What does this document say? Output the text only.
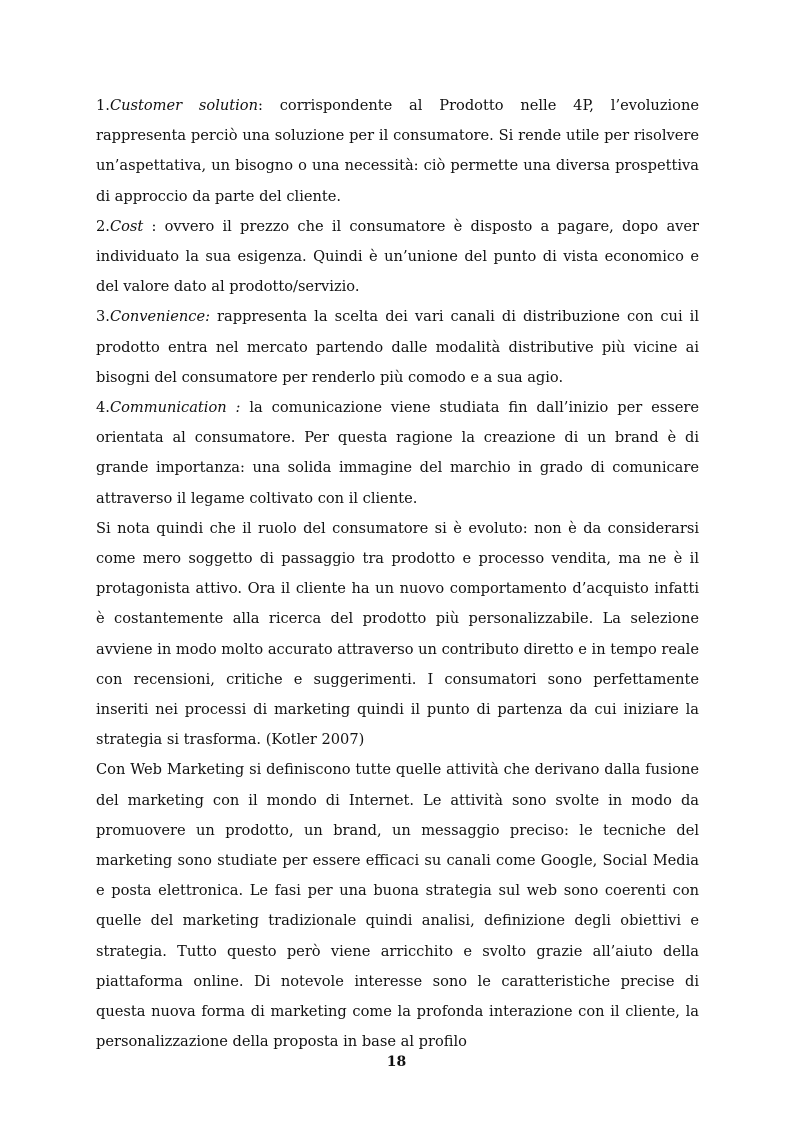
1.Customer solution: corrispondente al Prodotto nelle 4P, l’evoluzione rappresenta perciò una soluzione per il consumatore. Si rende utile per risolvere un’aspettativa, un bisogno o una necessità: ciò permette una diversa prospettiva di approccio da parte del cliente.

2.Cost : ovvero il prezzo che il consumatore è disposto a pagare, dopo aver individuato la sua esigenza. Quindi è un’unione del punto di vista economico e del valore dato al prodotto/servizio.

3.Convenience: rappresenta la scelta dei vari canali di distribuzione con cui il prodotto entra nel mercato partendo dalle modalità distributive più vicine ai bisogni del consumatore per renderlo più comodo e a sua agio.

4.Communication : la comunicazione viene studiata fin dall’inizio per essere orientata al consumatore. Per questa ragione la creazione di un brand è di grande importanza: una solida immagine del marchio in grado di comunicare attraverso il legame coltivato con il cliente.

Si nota quindi che il ruolo del consumatore si è evoluto: non è da considerarsi come mero soggetto di passaggio tra prodotto e processo vendita, ma ne è il protagonista attivo. Ora il cliente ha un nuovo comportamento d’acquisto infatti è costantemente alla ricerca del prodotto più personalizzabile. La selezione avviene in modo molto accurato attraverso un contributo diretto e in tempo reale con recensioni, critiche e suggerimenti. I consumatori sono perfettamente inseriti nei processi di marketing quindi il punto di partenza da cui iniziare la strategia si trasforma. (Kotler 2007)

Con Web Marketing si definiscono tutte quelle attività che derivano dalla fusione del marketing con il mondo di Internet. Le attività sono svolte in modo da promuovere un prodotto, un brand, un messaggio preciso: le tecniche del marketing sono studiate per essere efficaci su canali come Google, Social Media e posta elettronica. Le fasi per una buona strategia sul web sono coerenti con quelle del marketing tradizionale quindi analisi, definizione degli obiettivi e strategia. Tutto questo però viene arricchito e svolto grazie all’aiuto della piattaforma online. Di notevole interesse sono le caratteristiche precise di questa nuova forma di marketing come la profonda interazione con il cliente, la personalizzazione della proposta in base al profilo

18
